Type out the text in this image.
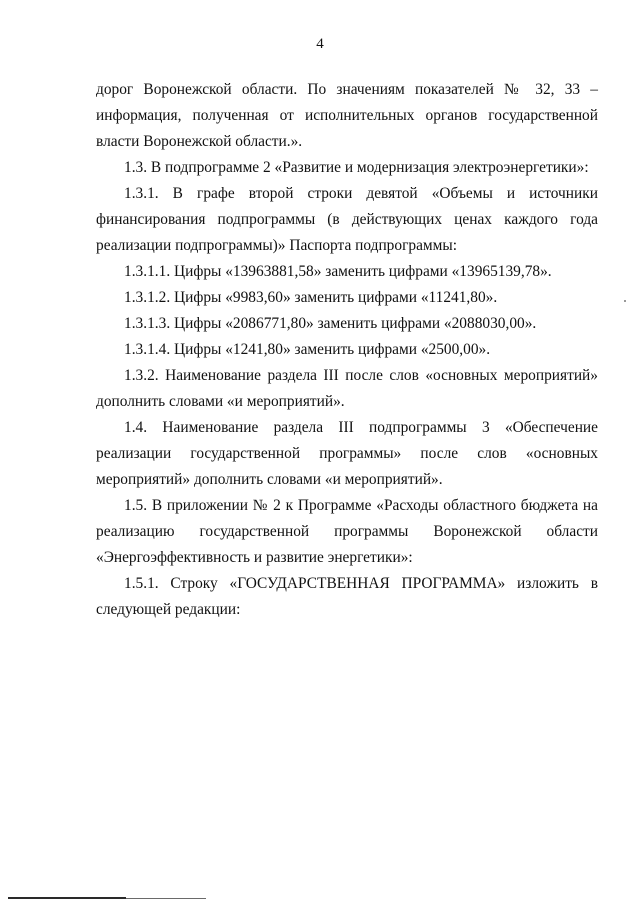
4

дорог Воронежской области. По значениям показателей № 32, 33 – информация, полученная от исполнительных органов государственной власти Воронежской области.».

1.3. В подпрограмме 2 «Развитие и модернизация электроэнергетики»:

1.3.1. В графе второй строки девятой «Объемы и источники финансирования подпрограммы (в действующих ценах каждого года реализации подпрограммы)» Паспорта подпрограммы:

1.3.1.1. Цифры «13963881,58» заменить цифрами «13965139,78».

1.3.1.2. Цифры «9983,60» заменить цифрами «11241,80».

1.3.1.3. Цифры «2086771,80» заменить цифрами «2088030,00».

1.3.1.4. Цифры «1241,80» заменить цифрами «2500,00».

1.3.2. Наименование раздела III после слов «основных мероприятий» дополнить словами «и мероприятий».

1.4. Наименование раздела III подпрограммы 3 «Обеспечение реализации государственной программы» после слов «основных мероприятий» дополнить словами «и мероприятий».

1.5. В приложении № 2 к Программе «Расходы областного бюджета на реализацию государственной программы Воронежской области «Энергоэффективность и развитие энергетики»:

1.5.1. Строку «ГОСУДАРСТВЕННАЯ ПРОГРАММА» изложить в следующей редакции:
